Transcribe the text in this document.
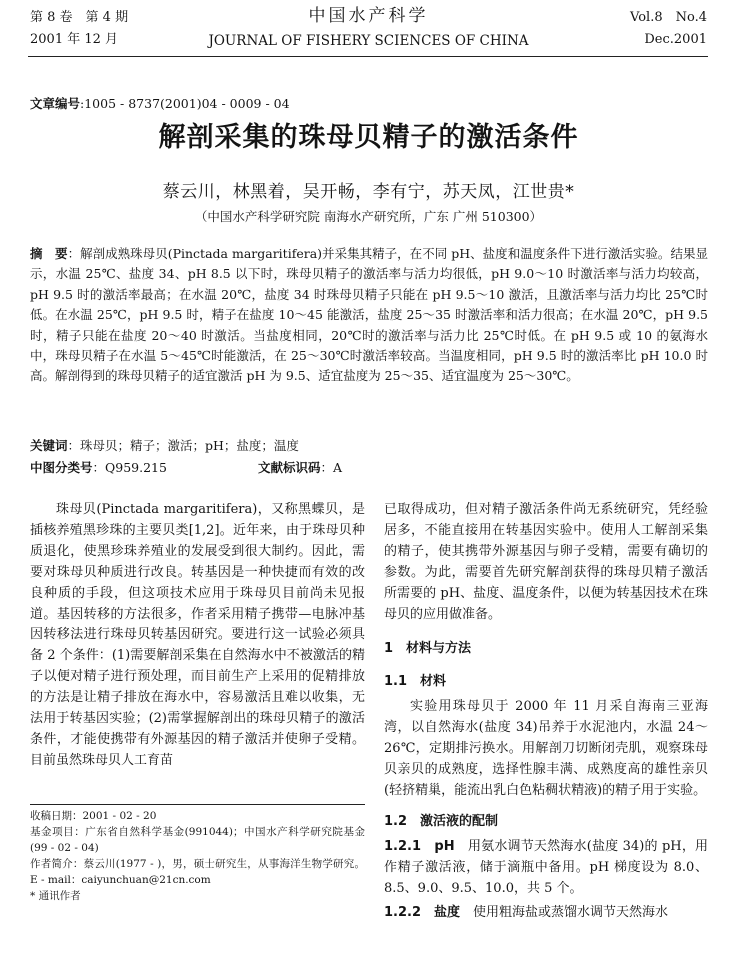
第 8 卷　第 4 期
2001 年 12 月
中国水产科学
JOURNAL OF FISHERY SCIENCES OF CHINA
Vol.8　No.4
Dec.2001
文章编号:1005 - 8737(2001)04 - 0009 - 04
解剖采集的珠母贝精子的激活条件
蔡云川，林黑着，吴开畅，李有宁，苏天凤，江世贵*
（中国水产科学研究院 南海水产研究所，广东 广州 510300）
摘　要：解剖成熟珠母贝(Pinctada margaritifera)并采集其精子，在不同 pH、盐度和温度条件下进行激活实验。结果显示，水温 25℃、盐度 34、pH 8.5 以下时，珠母贝精子的激活率与活力均很低，pH 9.0～10 时激活率与活力均较高，pH 9.5 时的激活率最高；在水温 20℃，盐度 34 时珠母贝精子只能在 pH 9.5～10 激活，且激活率与活力均比 25℃时低。在水温 25℃，pH 9.5 时，精子在盐度 10～45 能激活，盐度 25～35 时激活率和活力很高；在水温 20℃，pH 9.5 时，精子只能在盐度 20～40 时激活。当盐度相同，20℃时的激活率与活力比 25℃时低。在 pH 9.5 或 10 的氨海水中，珠母贝精子在水温 5～45℃时能激活，在 25～30℃时激活率较高。当温度相同，pH 9.5 时的激活率比 pH 10.0 时高。解剖得到的珠母贝精子的适宜激活 pH 为 9.5、适宜盐度为 25～35、适宜温度为 25～30℃。
关键词：珠母贝；精子；激活；pH；盐度；温度
中图分类号：Q959.215	文献标识码：A

珠母贝(Pinctada margaritifera)，又称黑蝶贝，是插核养殖黑珍珠的主要贝类[1,2]。近年来，由于珠母贝种质退化，使黑珍珠养殖业的发展受到很大制约。因此，需要对珠母贝种质进行改良。转基因是一种快捷而有效的改良种质的手段，但这项技术应用于珠母贝目前尚未见报道。基因转移的方法很多，作者采用精子携带—电脉冲基因转移法进行珠母贝转基因研究。要进行这一试验必须具备 2 个条件：(1)需要解剖采集在自然海水中不被激活的精子以便对精子进行预处理，而目前生产上采用的促精排放的方法是让精子排放在海水中，容易激活且难以收集，无法用于转基因实验；(2)需掌握解剖出的珠母贝精子的激活条件，才能使携带有外源基因的精子激活并使卵子受精。目前虽然珠母贝人工育苗

收稿日期：2001 - 02 - 20
基金项目：广东省自然科学基金(991044)；中国水产科学研究院基金(99 - 02 - 04)
作者简介：蔡云川(1977 - )，男，硕士研究生，从事海洋生物学研究。E - mail：caiyunchuan@21cn.com
* 通讯作者

已取得成功，但对精子激活条件尚无系统研究，凭经验居多，不能直接用在转基因实验中。使用人工解剖采集的精子，使其携带外源基因与卵子受精，需要有确切的参数。为此，需要首先研究解剖获得的珠母贝精子激活所需要的 pH、盐度、温度条件，以便为转基因技术在珠母贝的应用做准备。

1　材料与方法
1.1　材料

实验用珠母贝于 2000 年 11 月采自海南三亚海湾，以自然海水(盐度 34)吊养于水泥池内，水温 24～26℃，定期排污换水。用解剖刀切断闭壳肌，观察珠母贝亲贝的成熟度，选择性腺丰满、成熟度高的雄性亲贝(轻挤精巢，能流出乳白色粘稠状精液)的精子用于实验。

1.2　激活液的配制

1.2.1　pH　用氨水调节天然海水(盐度 34)的 pH，用作精子激活液，储于滴瓶中备用。pH 梯度设为 8.0、8.5、9.0、9.5、10.0，共 5 个。

1.2.2　盐度　使用粗海盐或蒸馏水调节天然海水
